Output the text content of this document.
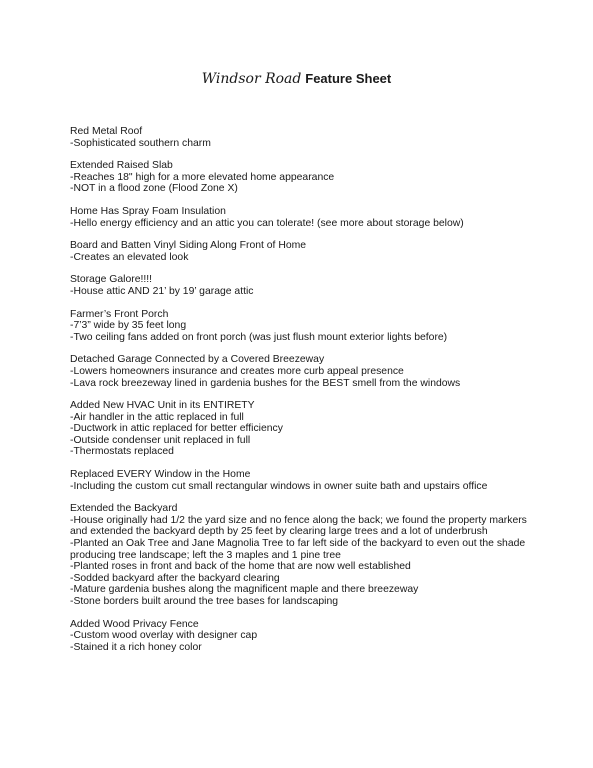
Windsor Road Feature Sheet
Red Metal Roof
-Sophisticated southern charm
Extended Raised Slab
-Reaches 18" high for a more elevated home appearance
-NOT in a flood zone (Flood Zone X)
Home Has Spray Foam Insulation
-Hello energy efficiency and an attic you can tolerate! (see more about storage below)
Board and Batten Vinyl Siding Along Front of Home
-Creates an elevated look
Storage Galore!!!!
-House attic AND 21’ by 19’ garage attic
Farmer’s Front Porch
-7’3” wide by 35 feet long
-Two ceiling fans added on front porch (was just flush mount exterior lights before)
Detached Garage Connected by a Covered Breezeway
-Lowers homeowners insurance and creates more curb appeal presence
-Lava rock breezeway lined in gardenia bushes for the BEST smell from the windows
Added New HVAC Unit in its ENTIRETY
-Air handler in the attic replaced in full
-Ductwork in attic replaced for better efficiency
-Outside condenser unit replaced in full
-Thermostats replaced
Replaced EVERY Window in the Home
-Including the custom cut small rectangular windows in owner suite bath and upstairs office
Extended the Backyard
-House originally had 1/2 the yard size and no fence along the back; we found the property markers and extended the backyard depth by 25 feet by clearing large trees and a lot of underbrush
-Planted an Oak Tree and Jane Magnolia Tree to far left side of the backyard to even out the shade producing tree landscape; left the 3 maples and 1 pine tree
-Planted roses in front and back of the home that are now well established
-Sodded backyard after the backyard clearing
-Mature gardenia bushes along the magnificent maple and there breezeway
-Stone borders built around the tree bases for landscaping
Added Wood Privacy Fence
-Custom wood overlay with designer cap
-Stained it a rich honey color
